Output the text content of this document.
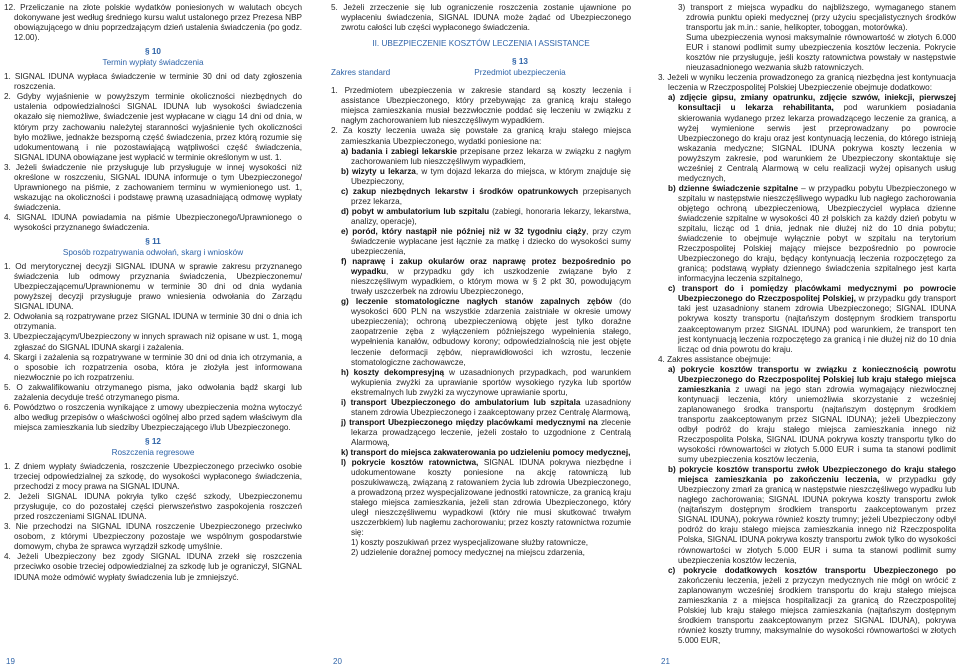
12. Przeliczanie na złote polskie wydatków poniesionych w walutach obcych dokonywane jest według średniego kursu walut ustalonego przez Prezesa NBP obowiązującego w dniu poprzedzającym dzień ustalenia świadczenia (po godz. 12.00).

§ 10

Termin wypłaty świadczenia

1. SIGNAL IDUNA wypłaca świadczenie w terminie 30 dni od daty zgłoszenia roszczenia.

2. Gdyby wyjaśnienie w powyższym terminie okoliczności niezbędnych do ustalenia odpowiedzialności SIGNAL IDUNA lub wysokości świadczenia okazało się niemożliwe, świadczenie jest wypłacane w ciągu 14 dni od dnia, w którym przy zachowaniu należytej staranności wyjaśnienie tych okoliczności było możliwe, jednakże bezsporną część świadczenia, przez którą rozumie się udokumentowaną i nie pozostawiającą wątpliwości część świadczenia, SIGNAL IDUNA obowiązane jest wypłacić w terminie określonym w ust. 1.

3. Jeżeli świadczenie nie przysługuje lub przysługuje w innej wysokości niż określone w roszczeniu, SIGNAL IDUNA informuje o tym Ubezpieczonego/ Uprawnionego na piśmie, z zachowaniem terminu w wymienionego ust. 1, wskazując na okoliczności i podstawę prawną uzasadniającą odmowę wypłaty świadczenia.

4. SIGNAL IDUNA powiadamia na piśmie Ubezpieczonego/Uprawnionego o wysokości przyznanego świadczenia.

§ 11

Sposób rozpatrywania odwołań, skarg i wniosków

1. Od merytorycznej decyzji SIGNAL IDUNA w sprawie zakresu przyznanego świadczenia lub odmowy przyznania świadczenia, Ubezpieczonemu/ Ubezpieczającemu/Uprawnionemu w terminie 30 dni od dnia wydania powyższej decyzji przysługuje prawo wniesienia odwołania do Zarządu SIGNAL IDUNA.

2. Odwołania są rozpatrywane przez SIGNAL IDUNA w terminie 30 dni o dnia ich otrzymania.

3. Ubezpieczającym/Ubezpieczony w innych sprawach niż opisane w ust. 1, mogą zgłaszać do SIGNAL IDUNA skargi i zażalenia.

4. Skargi i zażalenia są rozpatrywane w terminie 30 dni od dnia ich otrzymania, a o sposobie ich rozpatrzenia osoba, która je złożyła jest informowana niezwłocznie po ich rozpatrzeniu.

5. O zakwalifikowaniu otrzymanego pisma, jako odwołania bądź skargi lub zażalenia decyduje treść otrzymanego pisma.

6. Powództwo o roszczenia wynikające z umowy ubezpieczenia można wytoczyć albo według przepisów o właściwości ogólnej albo przed sądem właściwym dla miejsca zamieszkania lub siedziby Ubezpieczającego i/lub Ubezpieczonego.

§ 12

Roszczenia regresowe

1. Z dniem wypłaty świadczenia, roszczenie Ubezpieczonego przeciwko osobie trzeciej odpowiedzialnej za szkodę, do wysokości wypłaconego świadczenia, przechodzi z mocy prawa na SIGNAL IDUNA.

2. Jeżeli SIGNAL IDUNA pokryła tylko część szkody, Ubezpieczonemu przysługuje, co do pozostałej części pierwszeństwo zaspokojenia roszczeń przed roszczeniami SIGNAL IDUNA.

3. Nie przechodzi na SIGNAL IDUNA roszczenie Ubezpieczonego przeciwko osobom, z którymi Ubezpieczony pozostaje we wspólnym gospodarstwie domowym, chyba że sprawca wyrządził szkodę umyślnie.

4. Jeżeli Ubezpieczony bez zgody SIGNAL IDUNA zrzekł się roszczenia przeciwko osobie trzeciej odpowiedzialnej za szkodę lub je ograniczył, SIGNAL IDUNA może odmówić wypłaty świadczenia lub je zmniejszyć.

5. Jeżeli zrzeczenie się lub ograniczenie roszczenia zostanie ujawnione po wypłaceniu świadczenia, SIGNAL IDUNA może żądać od Ubezpieczonego zwrotu całości lub części wypłaconego świadczenia.

II. UBEZPIECZENIE KOSZTÓW LECZENIA I ASSISTANCE

Zakres standard
§ 13
Przedmiot ubezpieczenia

1. Przedmiotem ubezpieczenia w zakresie standard są koszty leczenia i assistance Ubezpieczonego, który przebywając za granicą kraju stałego miejsca zamieszkania musiał bezzwłocznie poddać się leczeniu w związku z nagłym zachorowaniem lub nieszczęśliwym wypadkiem.

2. Za koszty leczenia uważa się powstałe za granicą kraju stałego miejsca zamieszkania Ubezpieczonego, wydatki poniesione na:

a) badania i zabiegi lekarskie przepisane przez lekarza w związku z nagłym zachorowaniem lub nieszczęśliwym wypadkiem,

b) wizyty u lekarza, w tym dojazd lekarza do miejsca, w którym znajduje się Ubezpieczony,

c) zakup niezbędnych lekarstw i środków opatrunkowych przepisanych przez lekarza,

d) pobyt w ambulatorium lub szpitalu (zabiegi, honoraria lekarzy, lekarstwa, analizy, operacje),

e) poród, który nastąpił nie później niż w 32 tygodniu ciąży, przy czym świadczenie wypłacane jest łącznie za matkę i dziecko do wysokości sumy ubezpieczenia,

f) naprawę i zakup okularów oraz naprawę protez bezpośrednio po wypadku, w przypadku gdy ich uszkodzenie związane było z nieszczęśliwym wypadkiem, o którym mowa w § 2 pkt 30, powodującym trwały uszczerbek na zdrowiu Ubezpieczonego,

g) leczenie stomatologiczne nagłych stanów zapalnych zębów (do wysokości 600 PLN na wszystkie zdarzenia zaistniałe w okresie umowy ubezpieczenia); ochroną ubezpieczeniową objęte jest tylko doraźne zaopatrzenie zęba z wyłączeniem późniejszego wypełnienia stałego, wypełnienia kanałów, odbudowy korony; odpowiedzialnością nie jest objęte leczenie deformacji zębów, nieprawidłowości ich wzrostu, leczenie stomatologiczne zachowawcze,

h) koszty dekompresyjną w uzasadnionych przypadkach, pod warunkiem wykupienia zwyżki za uprawianie sportów wysokiego ryzyka lub sportów ekstremalnych lub zwyżki za wyczynowe uprawianie sportu,

i) transport Ubezpieczonego do ambulatorium lub szpitala uzasadniony stanem zdrowia Ubezpieczonego i zaakceptowany przez Centralę Alarmową,

j) transport Ubezpieczonego między placówkami medycznymi na zlecenie lekarza prowadzącego leczenie, jeżeli zostało to uzgodnione z Centralą Alarmową,

k) transport do miejsca zakwaterowania po udzieleniu pomocy medycznej,

l) pokrycie kosztów ratownictwa, SIGNAL IDUNA pokrywa niezbędne i udokumentowane koszty poniesione na akcję ratowniczą lub poszukiwawczą, związaną z ratowaniem życia lub zdrowia Ubezpieczonego, a prowadzoną przez wyspecjalizowane jednostki ratownicze, za granicą kraju stałego miejsca zamieszkania, jeżeli stan zdrowia Ubezpieczonego, który uległ nieszczęśliwemu wypadkowi (który nie musi skutkować trwałym uszczerbkiem) lub nagłemu zachorowaniu; przez koszty ratownictwa rozumie się:

1) koszty poszukiwań przez wyspecjalizowane służby ratownicze,

2) udzielenie doraźnej pomocy medycznej na miejscu zdarzenia,

3) transport z miejsca wypadku do najbliższego, wymaganego stanem zdrowia punktu opieki medycznej (przy użyciu specjalistycznych środków transportu jak m.in.: sanie, helikopter, toboggan, motorówka).

Suma ubezpieczenia wynosi maksymalnie równowartość w złotych 6.000 EUR i stanowi podlimit sumy ubezpieczenia kosztów leczenia. Pokrycie kosztów nie przysługuje, jeśli koszty ratownictwa powstały w następstwie nieuzasadnionego wezwania służb ratowniczych.

3. Jeżeli w wyniku leczenia prowadzonego za granicą niezbędna jest kontynuacja leczenia w Rzeczpospolitej Polskiej Ubezpieczenie obejmuje dodatkowo:

a) zdjęcie gipsu, zmiany opatrunku, zdjęcie szwów, iniekcji, pierwszej konsultacji u lekarza rehabilitanta, pod warunkiem posiadania skierowania wydanego przez lekarza prowadzącego leczenie za granicą, a wyżej wymienione serwis jest przeprowadzany po powrocie Ubezpieczonego do kraju oraz jest kontynuacją leczenia, do którego istnieją wskazania medyczne; SIGNAL IDUNA pokrywa koszty leczenia w powyższym zakresie, pod warunkiem że Ubezpieczony skontaktuje się wcześniej z Centralą Alarmową w celu realizacji wyżej opisanych usług medycznych,

b) dzienne świadczenie szpitalne – w przypadku pobytu Ubezpieczonego w szpitalu w następstwie nieszczęśliwego wypadku lub nagłego zachorowania objętego ochroną ubezpieczeniową, Ubezpieczyciel wypłaca dzienne świadczenie szpitalne w wysokości 40 zł polskich za każdy dzień pobytu w szpitalu, licząc od 1 dnia, jednak nie dłużej niż do 10 dnia pobytu; świadczenie to obejmuje wyłącznie pobyt w szpitalu na terytorium Rzeczpospolitej Polskiej mający miejsce bezpośrednio po powrocie Ubezpieczonego do kraju, będący kontynuacją leczenia rozpoczętego za granicą; podstawą wypłaty dziennego świadczenia szpitalnego jest karta informacyjna leczenia szpitalnego,

c) transport do i pomiędzy placówkami medycznymi po powrocie Ubezpieczonego do Rzeczpospolitej Polskiej, w przypadku gdy transport taki jest uzasadniony stanem zdrowia Ubezpieczonego; SIGNAL IDUNA pokrywa koszty transportu (najtańszym dostępnym środkiem transportu zaakceptowanym przez SIGNAL IDUNA) pod warunkiem, że transport ten jest kontynuacją leczenia rozpoczętego za granicą i nie dłużej niż do 10 dnia licząc od dnia powrotu do kraju.

4. Zakres assistance obejmuje:

a) pokrycie kosztów transportu w związku z koniecznością powrotu Ubezpieczonego do Rzeczpospolitej Polskiej lub kraju stałego miejsca zamieszkania z uwagi na jego stan zdrowia wymagający niezwłocznej kontynuacji leczenia, który uniemożliwia skorzystanie z wcześniej zaplanowanego środka transportu (najtańszym dostępnym środkiem transportu zaakceptowanym przez SIGNAL IDUNA); jeżeli Ubezpieczony odbył podróż do kraju stałego miejsca zamieszkania innego niż Rzeczpospolita Polska, SIGNAL IDUNA pokrywa koszty transportu tylko do wysokości równowartości w złotych 5.000 EUR i suma ta stanowi podlimit sumy ubezpieczenia kosztów leczenia,

b) pokrycie kosztów transportu zwłok Ubezpieczonego do kraju stałego miejsca zamieszkania po zakończeniu leczenia, w przypadku gdy Ubezpieczony zmarł za granicą w następstwie nieszczęśliwego wypadku lub nagłego zachorowania; SIGNAL IDUNA pokrywa koszty transportu zwłok (najtańszym dostępnym środkiem transportu zaakceptowanym przez SIGNAL IDUNA), pokrywa również koszty trumny; jeżeli Ubezpieczony odbył podróż do kraju stałego miejsca zamieszkania innego niż Rzeczpospolita Polska, SIGNAL IDUNA pokrywa koszty transportu zwłok tylko do wysokości równowartości w złotych 5.000 EUR i suma ta stanowi podlimit sumy ubezpieczenia kosztów leczenia,

c) pokrycie dodatkowych kosztów transportu Ubezpieczonego po zakończeniu leczenia, jeżeli z przyczyn medycznych nie mógł on wrócić z zaplanowanym wcześniej środkiem transportu do kraju stałego miejsca zamieszkania z a miejsca hospitalizacji za granicą do Rzeczpospolitej Polskiej lub kraju stałego miejsca zamieszkania (najtańszym dostępnym środkiem transportu zaakceptowanym przez SIGNAL IDUNA), pokrywa również koszty trumny, maksymalnie do wysokości równowartości w złotych 5.000 EUR,

19	20	21
